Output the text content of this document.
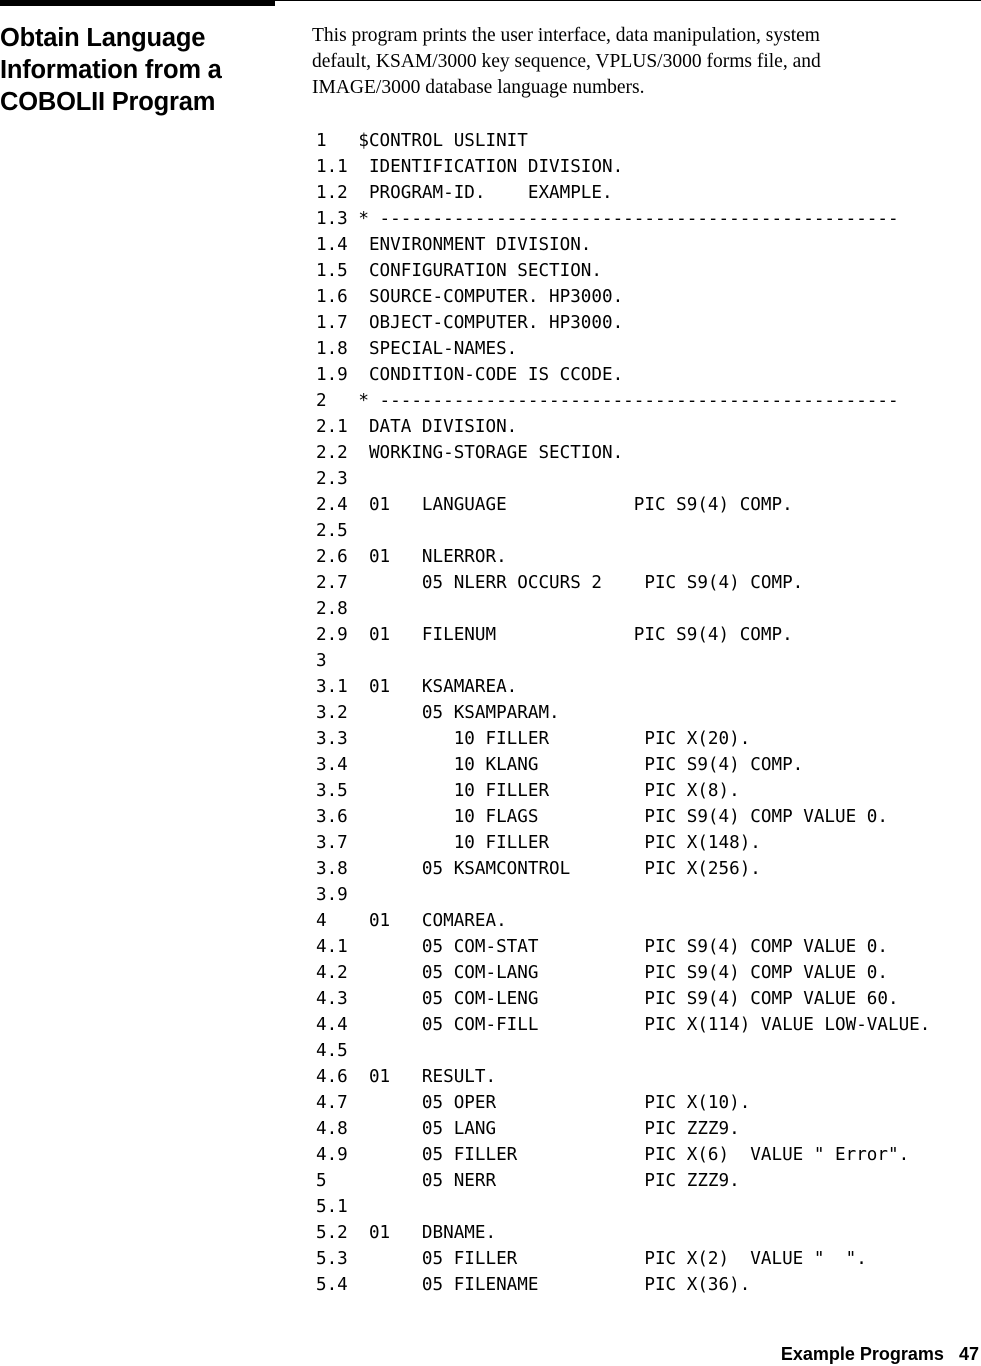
Obtain Language
Information from a
COBOLII Program
This program prints the user interface, data manipulation, system
default, KSAM/3000 key sequence, VPLUS/3000 forms file, and
IMAGE/3000 database language numbers.
1   $CONTROL USLINIT
1.1  IDENTIFICATION DIVISION.
1.2  PROGRAM-ID.    EXAMPLE.
1.3 * -------------------------------------------------
1.4  ENVIRONMENT DIVISION.
1.5  CONFIGURATION SECTION.
1.6  SOURCE-COMPUTER. HP3000.
1.7  OBJECT-COMPUTER. HP3000.
1.8  SPECIAL-NAMES.
1.9  CONDITION-CODE IS CCODE.
2   * -------------------------------------------------
2.1  DATA DIVISION.
2.2  WORKING-STORAGE SECTION.
2.3
2.4  01   LANGUAGE            PIC S9(4) COMP.
2.5
2.6  01   NLERROR.
2.7       05 NLERR OCCURS 2    PIC S9(4) COMP.
2.8
2.9  01   FILENUM             PIC S9(4) COMP.
3
3.1  01   KSAMAREA.
3.2       05 KSAMPARAM.
3.3          10 FILLER         PIC X(20).
3.4          10 KLANG          PIC S9(4) COMP.
3.5          10 FILLER         PIC X(8).
3.6          10 FLAGS          PIC S9(4) COMP VALUE 0.
3.7          10 FILLER         PIC X(148).
3.8       05 KSAMCONTROL       PIC X(256).
3.9
4    01   COMAREA.
4.1       05 COM-STAT          PIC S9(4) COMP VALUE 0.
4.2       05 COM-LANG          PIC S9(4) COMP VALUE 0.
4.3       05 COM-LENG          PIC S9(4) COMP VALUE 60.
4.4       05 COM-FILL          PIC X(114) VALUE LOW-VALUE.
4.5
4.6  01   RESULT.
4.7       05 OPER              PIC X(10).
4.8       05 LANG              PIC ZZZ9.
4.9       05 FILLER            PIC X(6)  VALUE " Error".
5         05 NERR              PIC ZZZ9.
5.1
5.2  01   DBNAME.
5.3       05 FILLER            PIC X(2)  VALUE "  ".
5.4       05 FILENAME          PIC X(36).
Example Programs 47
